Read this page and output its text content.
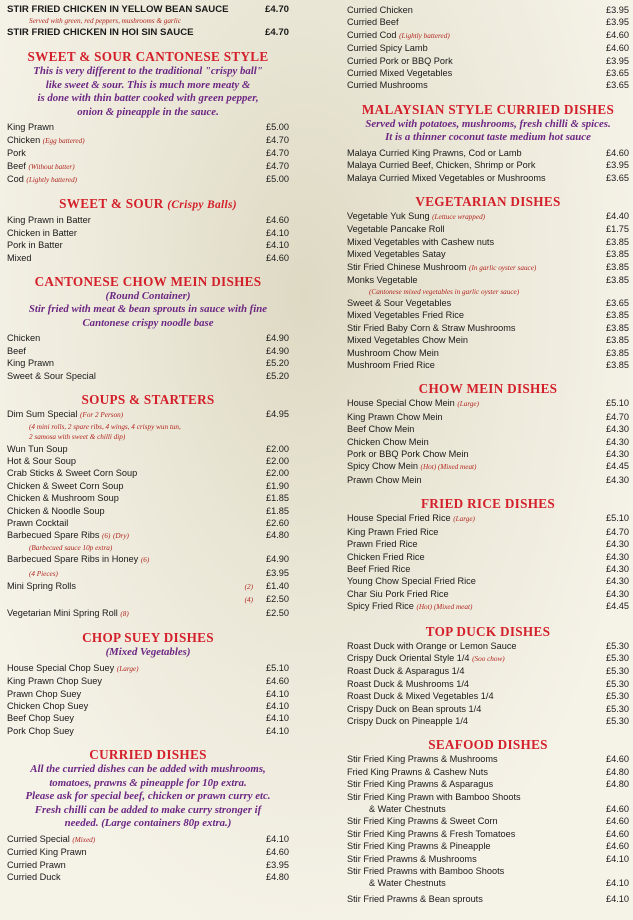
STIR FRIED CHICKEN IN YELLOW BEAN SAUCE	£4.70
Served with green, red peppers, mushrooms & garlic
STIR FRIED CHICKEN IN HOI SIN SAUCE	£4.70
SWEET & SOUR CANTONESE STYLE
This is very different to the traditional "crispy ball"
like sweet & sour. This is much more meaty &
is done with thin batter cooked with green pepper,
onion & pineapple in the sauce.
King Prawn	£5.00
Chicken (Egg battered)	£4.70
Pork	£4.70
Beef (Without batter)	£4.70
Cod (Lightly battered)	£5.00
SWEET & SOUR (Crispy Balls)
King Prawn in Batter	£4.60
Chicken in Batter	£4.10
Pork in Batter	£4.10
Mixed	£4.60
CANTONESE CHOW MEIN DISHES
(Round Container)
Stir fried with meat & bean sprouts in sauce with fine
Cantonese crispy noodle base
Chicken	£4.90
Beef	£4.90
King Prawn	£5.20
Sweet & Sour Special	£5.20
SOUPS & STARTERS
Dim Sum Special (For 2 Person)	£4.95
(4 mini rolls, 2 spare ribs, 4 wings, 4 crispy wun tun,
2 samosa with sweet & chilli dip)
Wun Tun Soup	£2.00
Hot & Sour Soup	£2.00
Crab Sticks & Sweet Corn Soup	£2.00
Chicken & Sweet Corn Soup	£1.90
Chicken & Mushroom Soup	£1.85
Chicken & Noodle Soup	£1.85
Prawn Cocktail	£2.60
Barbecued Spare Ribs (6) (Dry)	£4.80
(Barbecued sauce 10p extra)
Barbecued Spare Ribs in Honey (6)	£4.90
(4 Pieces)	£3.95
Mini Spring Rolls	(2)	£1.40
(4)	£2.50
Vegetarian Mini Spring Roll (8)	£2.50
CHOP SUEY DISHES
(Mixed Vegetables)
House Special Chop Suey (Large)	£5.10
King Prawn Chop Suey	£4.60
Prawn Chop Suey	£4.10
Chicken Chop Suey	£4.10
Beef Chop Suey	£4.10
Pork Chop Suey	£4.10
CURRIED DISHES
All the curried dishes can be added with mushrooms,
tomatoes, prawns & pineapple for 10p extra.
Please ask for special beef, chicken or prawn curry etc.
Fresh chilli can be added to make curry stronger if
needed. (Large containers 80p extra.)
Curried Special (Mixed)	£4.10
Curried King Prawn	£4.60
Curried Prawn	£3.95
Curried Duck	£4.80
Curried Chicken	£3.95
Curried Beef	£3.95
Curried Cod (Lightly battered)	£4.60
Curried Spicy Lamb	£4.60
Curried Pork or BBQ Pork	£3.95
Curried Mixed Vegetables	£3.65
Curried Mushrooms	£3.65
MALAYSIAN STYLE CURRIED DISHES
Served with potatoes, mushrooms, fresh chilli & spices.
It is a thinner coconut taste medium hot sauce
Malaya Curried King Prawns, Cod or Lamb	£4.60
Malaya Curried Beef, Chicken, Shrimp or Pork	£3.95
Malaya Curried Mixed Vegetables or Mushrooms	£3.65
VEGETARIAN DISHES
Vegetable Yuk Sung (Lettuce wrapped)	£4.40
Vegetable Pancake Roll	£1.75
Mixed Vegetables with Cashew nuts	£3.85
Mixed Vegetables Satay	£3.85
Stir Fried Chinese Mushroom (In garlic oyster sauce)	£3.85
Monks Vegetable	£3.85
(Cantonese mixed vegetables in garlic oyster sauce)
Sweet & Sour Vegetables	£3.65
Mixed Vegetables Fried Rice	£3.85
Stir Fried Baby Corn & Straw Mushrooms	£3.85
Mixed Vegetables Chow Mein	£3.85
Mushroom Chow Mein	£3.85
Mushroom Fried Rice	£3.85
CHOW MEIN DISHES
House Special Chow Mein (Large)	£5.10
King Prawn Chow Mein	£4.70
Beef Chow Mein	£4.30
Chicken Chow Mein	£4.30
Pork or BBQ Pork Chow Mein	£4.30
Spicy Chow Mein (Hot) (Mixed meat)	£4.45
Prawn Chow Mein	£4.30
FRIED RICE DISHES
House Special Fried Rice (Large)	£5.10
King Prawn Fried Rice	£4.70
Prawn Fried Rice	£4.30
Chicken Fried Rice	£4.30
Beef Fried Rice	£4.30
Young Chow Special Fried Rice	£4.30
Char Siu Pork Fried Rice	£4.30
Spicy Fried Rice (Hot) (Mixed meat)	£4.45
TOP DUCK DISHES
Roast Duck with Orange or Lemon Sauce	£5.30
Crispy Duck Oriental Style 1/4 (Soo chow)	£5.30
Roast Duck & Asparagus 1/4	£5.30
Roast Duck & Mushrooms 1/4	£5.30
Roast Duck & Mixed Vegetables 1/4	£5.30
Crispy Duck on Bean sprouts 1/4	£5.30
Crispy Duck on Pineapple 1/4	£5.30
SEAFOOD DISHES
Stir Fried King Prawns & Mushrooms	£4.60
Fried King Prawns & Cashew Nuts	£4.80
Stir Fried King Prawns & Asparagus	£4.80
Stir Fried King Prawn with Bamboo Shoots
& Water Chestnuts	£4.60
Stir Fried King Prawns & Sweet Corn	£4.60
Stir Fried King Prawns & Fresh Tomatoes	£4.60
Stir Fried King Prawns & Pineapple	£4.60
Stir Fried Prawns & Mushrooms	£4.10
Stir Fried Prawns with Bamboo Shoots
& Water Chestnuts	£4.10
Stir Fried Prawns & Bean sprouts	£4.10
